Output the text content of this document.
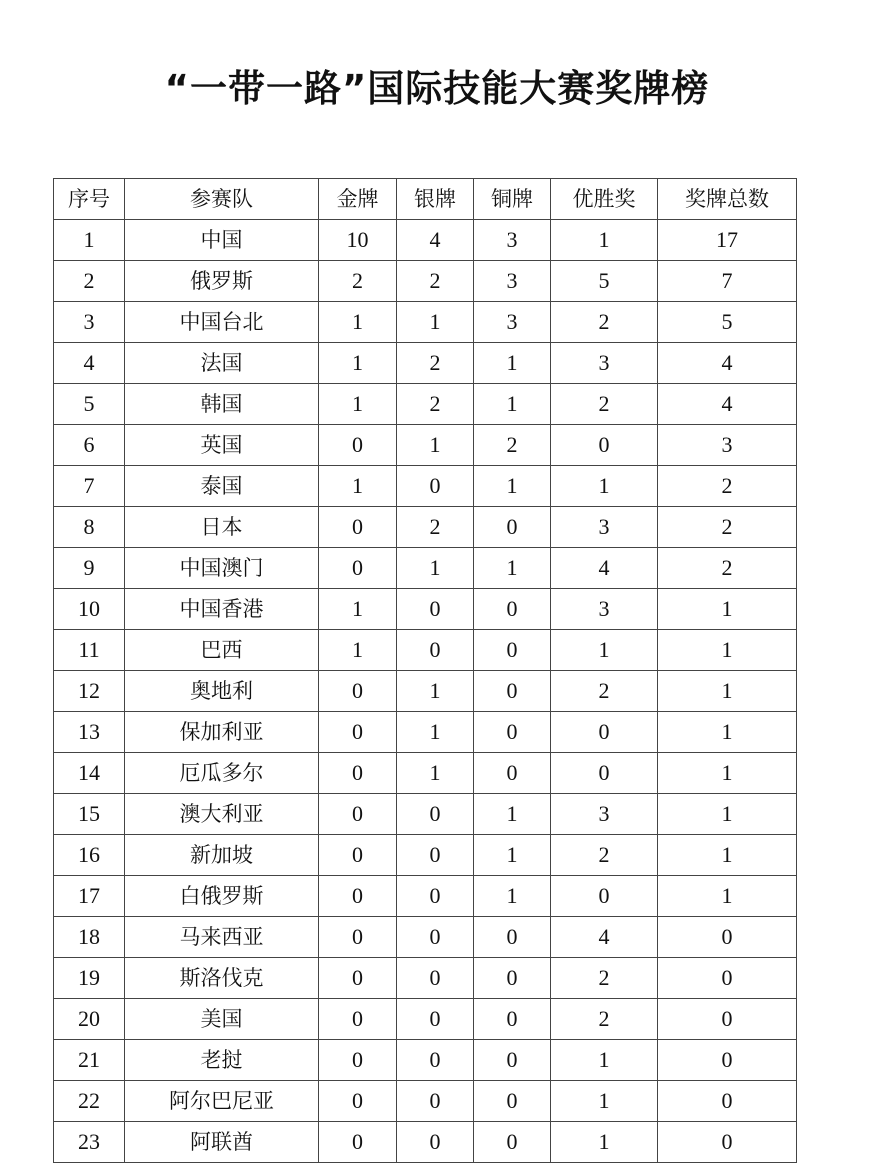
“一带一路”国际技能大赛奖牌榜
序号	参赛队	金牌	银牌	铜牌	优胜奖	奖牌总数
1	中国	10	4	3	1	17
2	俄罗斯	2	2	3	5	7
3	中国台北	1	1	3	2	5
4	法国	1	2	1	3	4
5	韩国	1	2	1	2	4
6	英国	0	1	2	0	3
7	泰国	1	0	1	1	2
8	日本	0	2	0	3	2
9	中国澳门	0	1	1	4	2
10	中国香港	1	0	0	3	1
11	巴西	1	0	0	1	1
12	奥地利	0	1	0	2	1
13	保加利亚	0	1	0	0	1
14	厄瓜多尔	0	1	0	0	1
15	澳大利亚	0	0	1	3	1
16	新加坡	0	0	1	2	1
17	白俄罗斯	0	0	1	0	1
18	马来西亚	0	0	0	4	0
19	斯洛伐克	0	0	0	2	0
20	美国	0	0	0	2	0
21	老挝	0	0	0	1	0
22	阿尔巴尼亚	0	0	0	1	0
23	阿联酋	0	0	0	1	0
